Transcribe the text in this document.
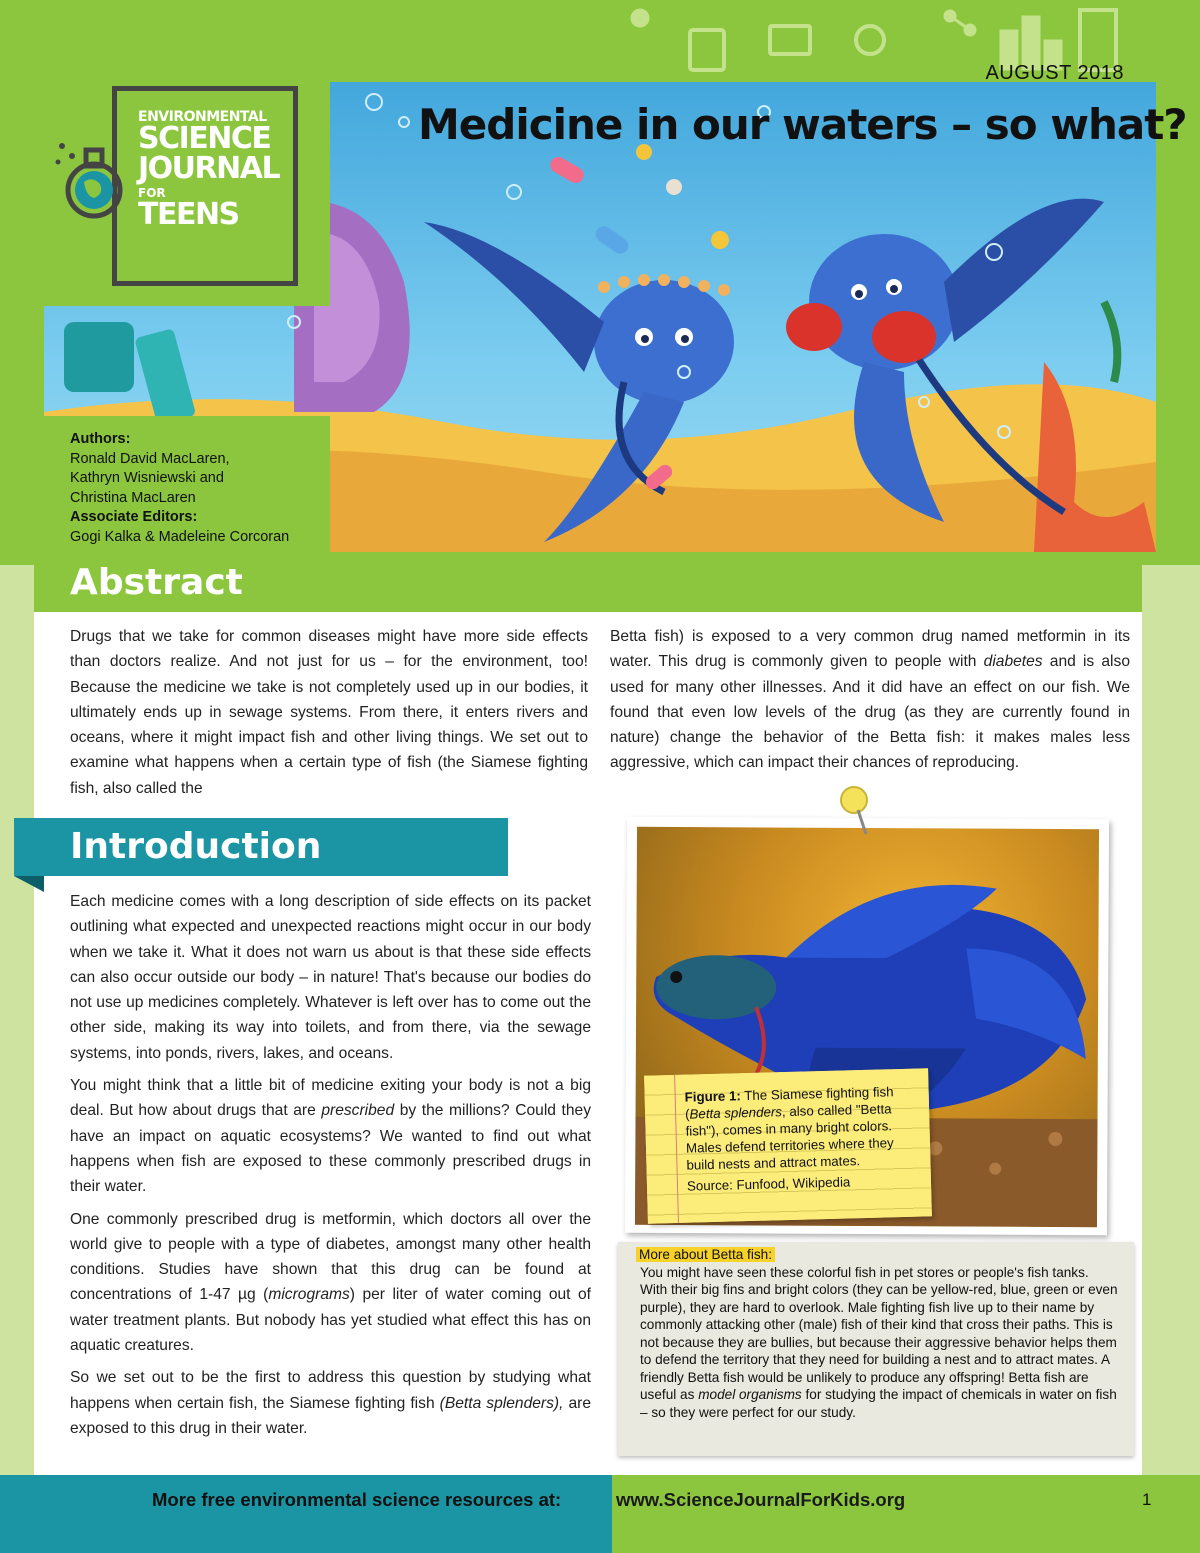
AUGUST 2018
Medicine in our waters – so what?
ENVIRONMENTAL
SCIENCE
JOURNAL
FOR
TEENS
Authors:
Ronald David MacLaren,
Kathryn Wisniewski and
Christina MacLaren
Associate Editors:
Gogi Kalka & Madeleine Corcoran
Abstract

Drugs that we take for common diseases might have more side effects than doctors realize. And not just for us – for the environment, too! Because the medicine we take is not completely used up in our bodies, it ultimately ends up in sewage systems. From there, it enters rivers and oceans, where it might impact fish and other living things. We set out to examine what happens when a certain type of fish (the Siamese fighting fish, also called the

Betta fish) is exposed to a very common drug named metformin in its water. This drug is commonly given to people with diabetes and is also used for many other illnesses. And it did have an effect on our fish. We found that even low levels of the drug (as they are currently found in nature) change the behavior of the Betta fish: it makes males less aggressive, which can impact their chances of reproducing.

Introduction

Each medicine comes with a long description of side effects on its packet outlining what expected and unexpected reactions might occur in our body when we take it. What it does not warn us about is that these side effects can also occur outside our body – in nature! That's because our bodies do not use up medicines completely. Whatever is left over has to come out the other side, making its way into toilets, and from there, via the sewage systems, into ponds, rivers, lakes, and oceans.

You might think that a little bit of medicine exiting your body is not a big deal. But how about drugs that are prescribed by the millions? Could they have an impact on aquatic ecosystems? We wanted to find out what happens when fish are exposed to these commonly prescribed drugs in their water.

One commonly prescribed drug is metformin, which doctors all over the world give to people with a type of diabetes, amongst many other health conditions. Studies have shown that this drug can be found at concentrations of 1-47 µg (micrograms) per liter of water coming out of water treatment plants. But nobody has yet studied what effect this has on aquatic creatures.

So we set out to be the first to address this question by studying what happens when certain fish, the Siamese fighting fish (Betta splenders), are exposed to this drug in their water.

Figure 1: The Siamese fighting fish (Betta splenders, also called "Betta fish"), comes in many bright colors. Males defend territories where they build nests and attract mates.
Source: Funfood, Wikipedia
More about Betta fish:
You might have seen these colorful fish in pet stores or people's fish tanks. With their big fins and bright colors (they can be yellow-red, blue, green or even purple), they are hard to overlook. Male fighting fish live up to their name by commonly attacking other (male) fish of their kind that cross their paths. This is not because they are bullies, but because their aggressive behavior helps them to defend the territory that they need for building a nest and to attract mates. A friendly Betta fish would be unlikely to produce any offspring! Betta fish are useful as model organisms for studying the impact of chemicals in water on fish – so they were perfect for our study.
More free environmental science resources at:	www.ScienceJournalForKids.org	1
